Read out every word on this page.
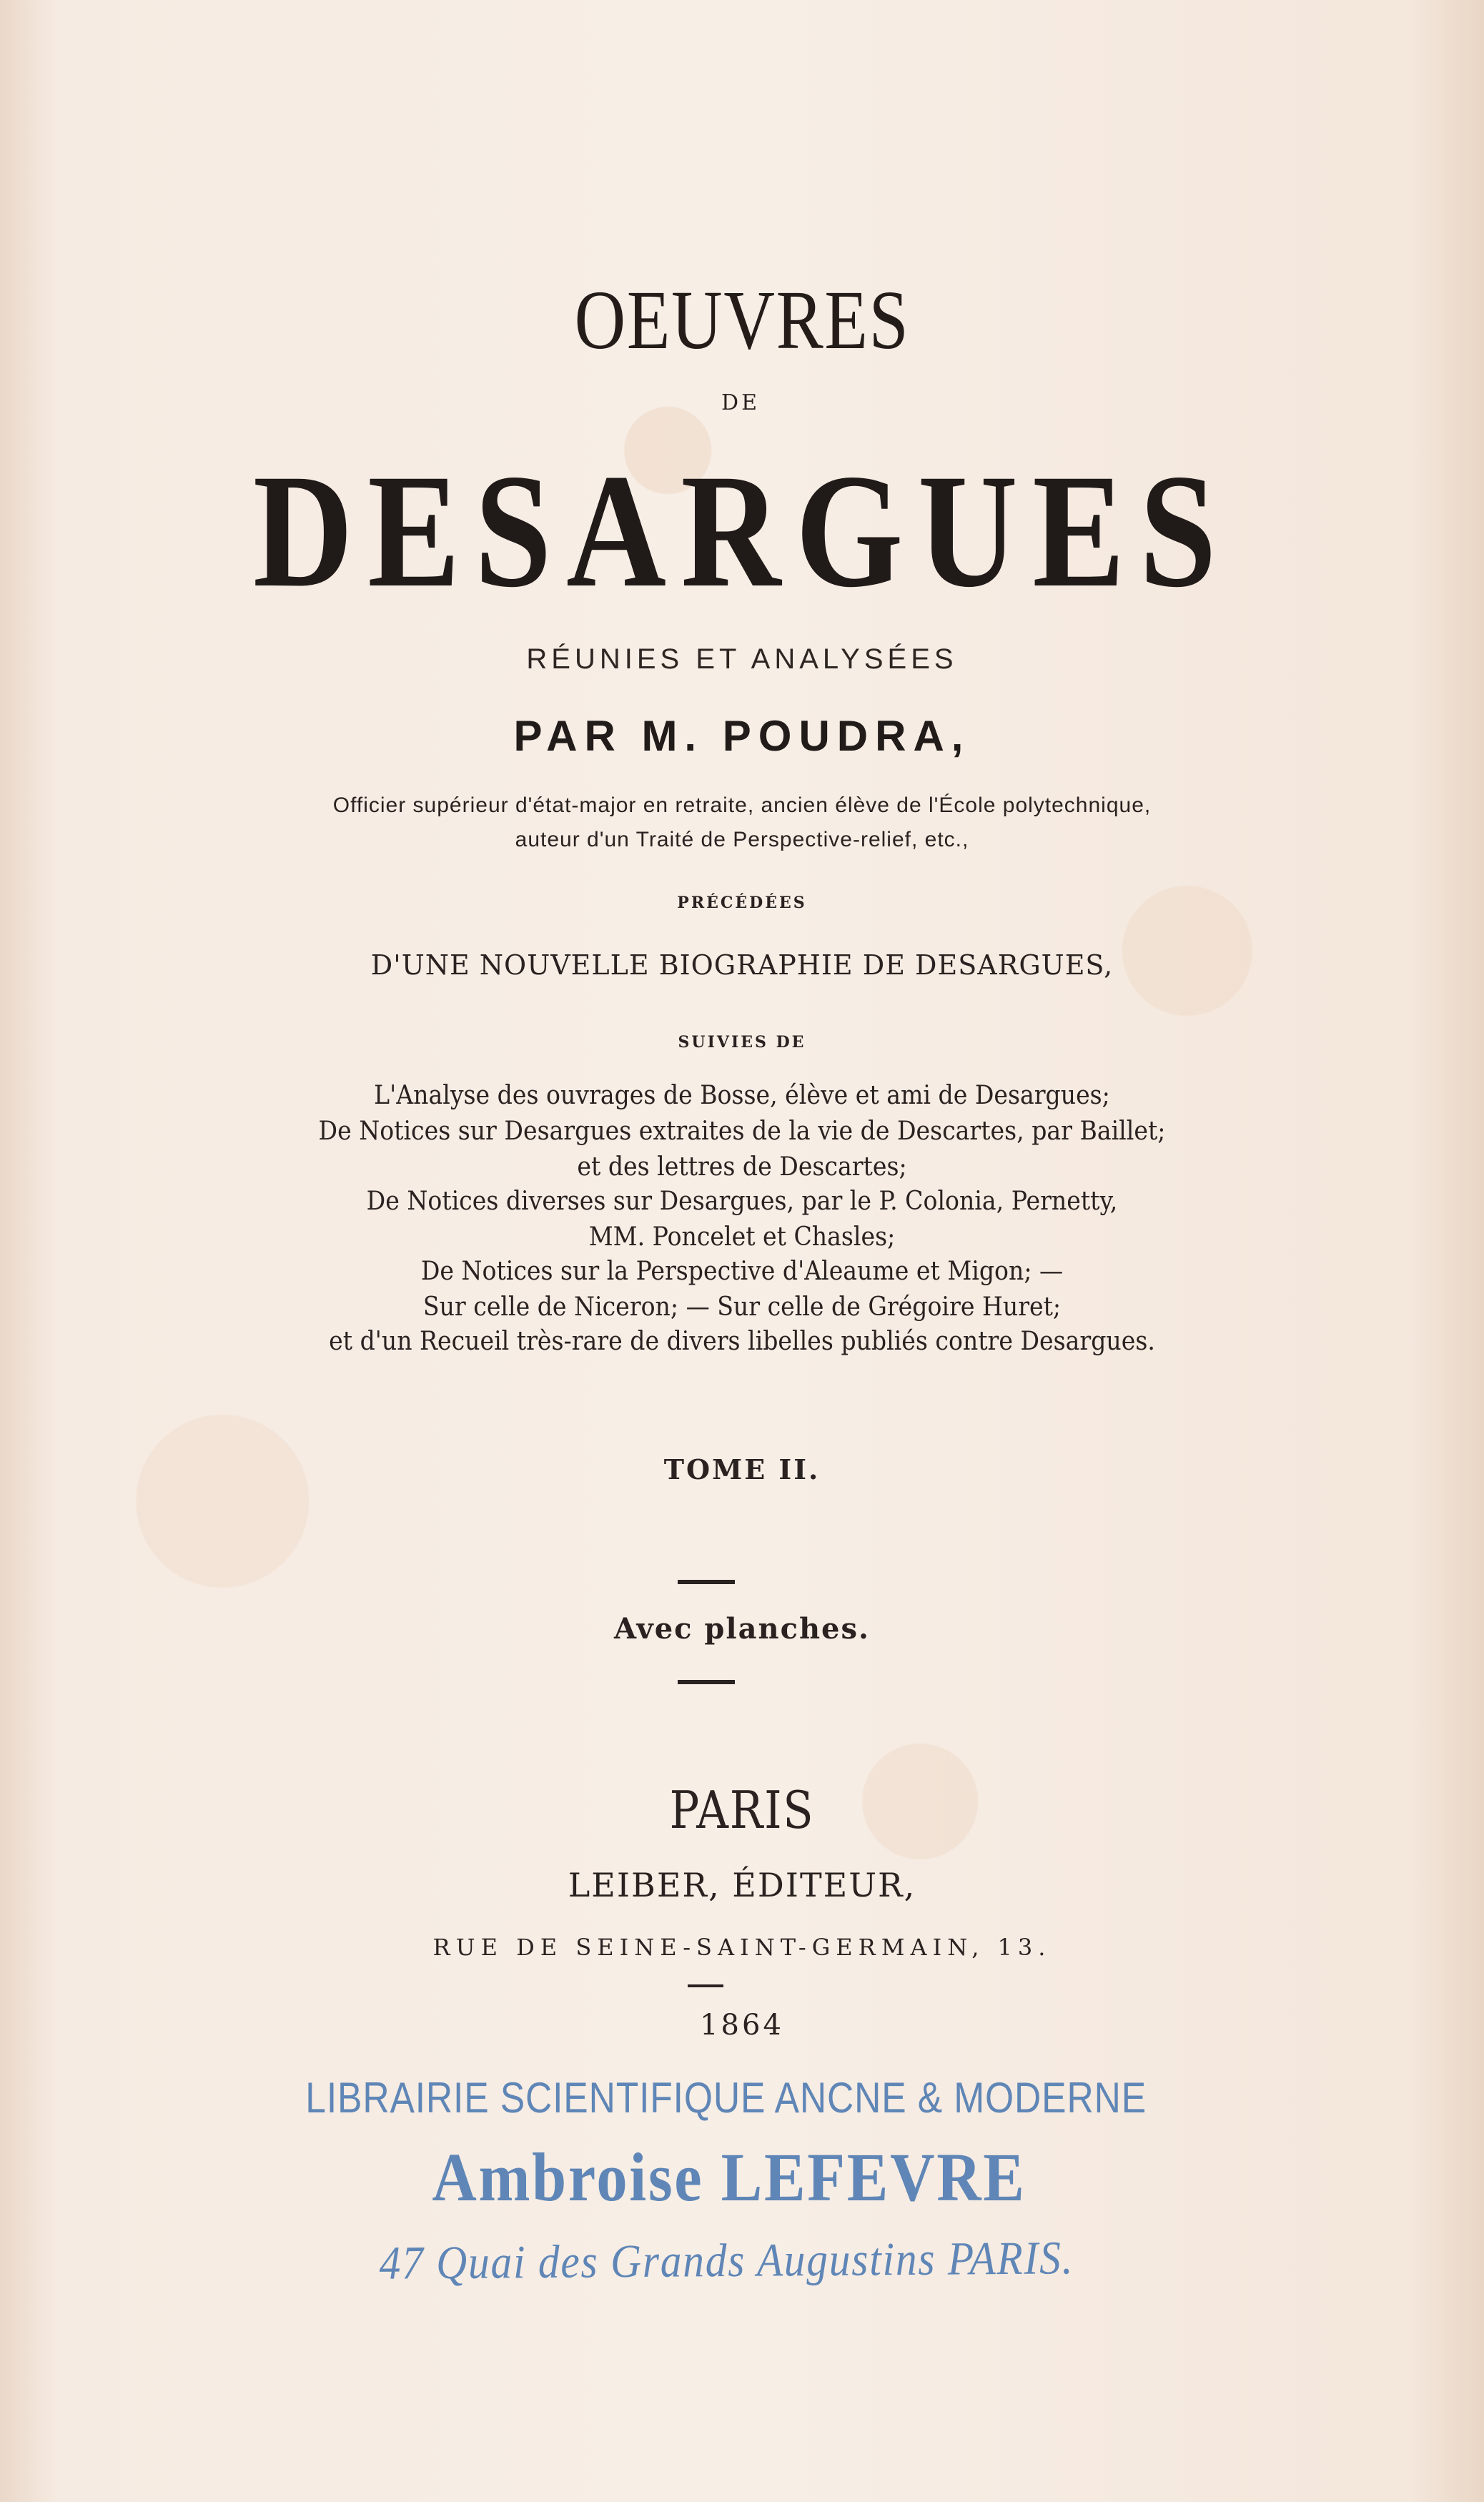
OEUVRES
DE
DESARGUES
RÉUNIES ET ANALYSÉES
PAR M. POUDRA,
Officier supérieur d'état-major en retraite, ancien élève de l'École polytechnique,
auteur d'un Traité de Perspective-relief, etc.,
PRÉCÉDÉES
D'UNE NOUVELLE BIOGRAPHIE DE DESARGUES,
SUIVIES DE
L'Analyse des ouvrages de Bosse, élève et ami de Desargues;
De Notices sur Desargues extraites de la vie de Descartes, par Baillet;
et des lettres de Descartes;
De Notices diverses sur Desargues, par le P. Colonia, Pernetty,
MM. Poncelet et Chasles;
De Notices sur la Perspective d'Aleaume et Migon; —
Sur celle de Niceron; — Sur celle de Grégoire Huret;
et d'un Recueil très-rare de divers libelles publiés contre Desargues.
TOME II.
Avec planches.
PARIS
LEIBER, ÉDITEUR,
RUE DE SEINE-SAINT-GERMAIN, 13.
1864
LIBRAIRIE SCIENTIFIQUE ANCNE & MODERNE
Ambroise LEFEVRE
47 Quai des Grands Augustins PARIS.
